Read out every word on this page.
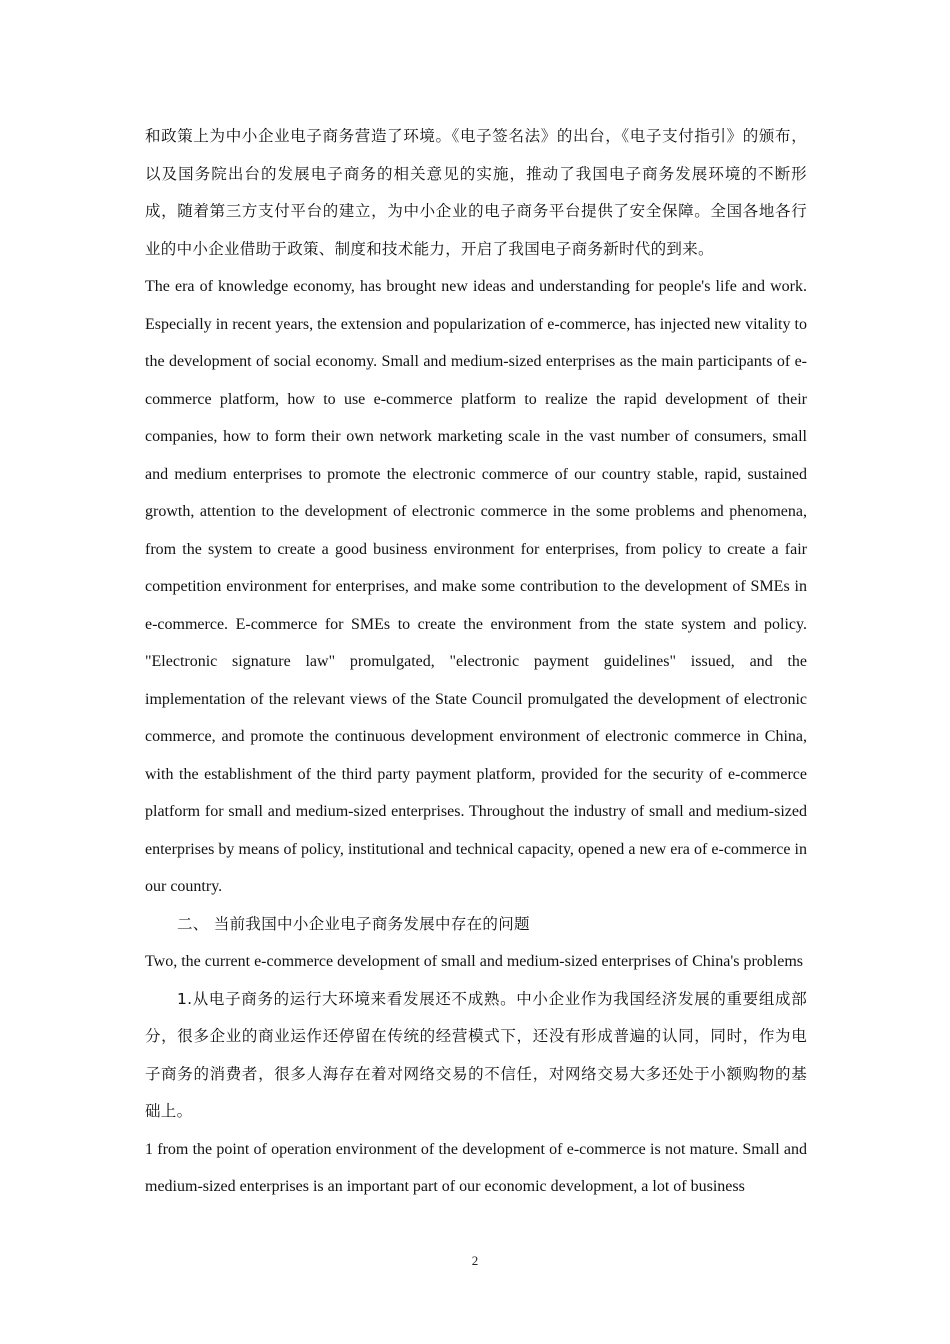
和政策上为中小企业电子商务营造了环境。《电子签名法》的出台，《电子支付指引》的颁布，以及国务院出台的发展电子商务的相关意见的实施，推动了我国电子商务发展环境的不断形成，随着第三方支付平台的建立，为中小企业的电子商务平台提供了安全保障。全国各地各行业的中小企业借助于政策、制度和技术能力，开启了我国电子商务新时代的到来。

The era of knowledge economy, has brought new ideas and understanding for people's life and work. Especially in recent years, the extension and popularization of e-commerce, has injected new vitality to the development of social economy. Small and medium-sized enterprises as the main participants of e-commerce platform, how to use e-commerce platform to realize the rapid development of their companies, how to form their own network marketing scale in the vast number of consumers, small and medium enterprises to promote the electronic commerce of our country stable, rapid, sustained growth, attention to the development of electronic commerce in the some problems and phenomena, from the system to create a good business environment for enterprises, from policy to create a fair competition environment for enterprises, and make some contribution to the development of SMEs in e-commerce. E-commerce for SMEs to create the environment from the state system and policy. "Electronic signature law" promulgated, "electronic payment guidelines" issued, and the implementation of the relevant views of the State Council promulgated the development of electronic commerce, and promote the continuous development environment of electronic commerce in China, with the establishment of the third party payment platform, provided for the security of e-commerce platform for small and medium-sized enterprises. Throughout the industry of small and medium-sized enterprises by means of policy, institutional and technical capacity, opened a new era of e-commerce in our country.

二、 当前我国中小企业电子商务发展中存在的问题

Two, the current e-commerce development of small and medium-sized enterprises of China's problems

1.从电子商务的运行大环境来看发展还不成熟。中小企业作为我国经济发展的重要组成部分，很多企业的商业运作还停留在传统的经营模式下，还没有形成普遍的认同，同时，作为电子商务的消费者，很多人海存在着对网络交易的不信任，对网络交易大多还处于小额购物的基础上。

1 from the point of operation environment of the development of e-commerce is not mature. Small and medium-sized enterprises is an important part of our economic development, a lot of business

2
